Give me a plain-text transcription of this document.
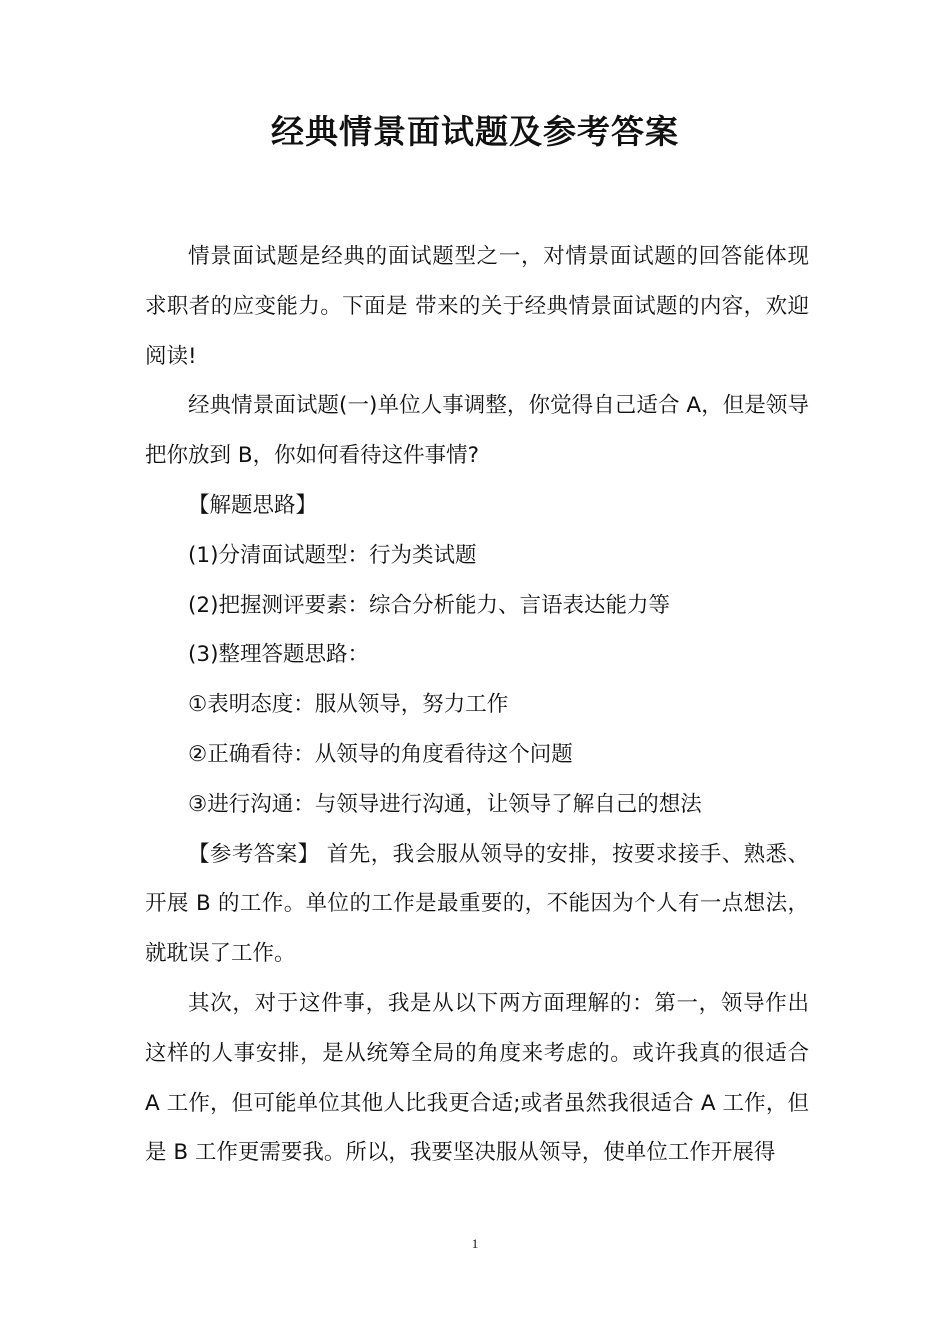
经典情景面试题及参考答案

情景面试题是经典的面试题型之一，对情景面试题的回答能体现求职者的应变能力。下面是 带来的关于经典情景面试题的内容，欢迎阅读!

经典情景面试题(一)单位人事调整，你觉得自己适合 A，但是领导把你放到 B，你如何看待这件事情?

【解题思路】

(1)分清面试题型：行为类试题

(2)把握测评要素：综合分析能力、言语表达能力等

(3)整理答题思路：

①表明态度：服从领导，努力工作

②正确看待：从领导的角度看待这个问题

③进行沟通：与领导进行沟通，让领导了解自己的想法

【参考答案】 首先，我会服从领导的安排，按要求接手、熟悉、开展 B 的工作。单位的工作是最重要的，不能因为个人有一点想法，就耽误了工作。

其次，对于这件事，我是从以下两方面理解的：第一，领导作出这样的人事安排，是从统筹全局的角度来考虑的。或许我真的很适合 A 工作，但可能单位其他人比我更合适;或者虽然我很适合 A 工作，但是 B 工作更需要我。所以，我要坚决服从领导，使单位工作开展得

1
